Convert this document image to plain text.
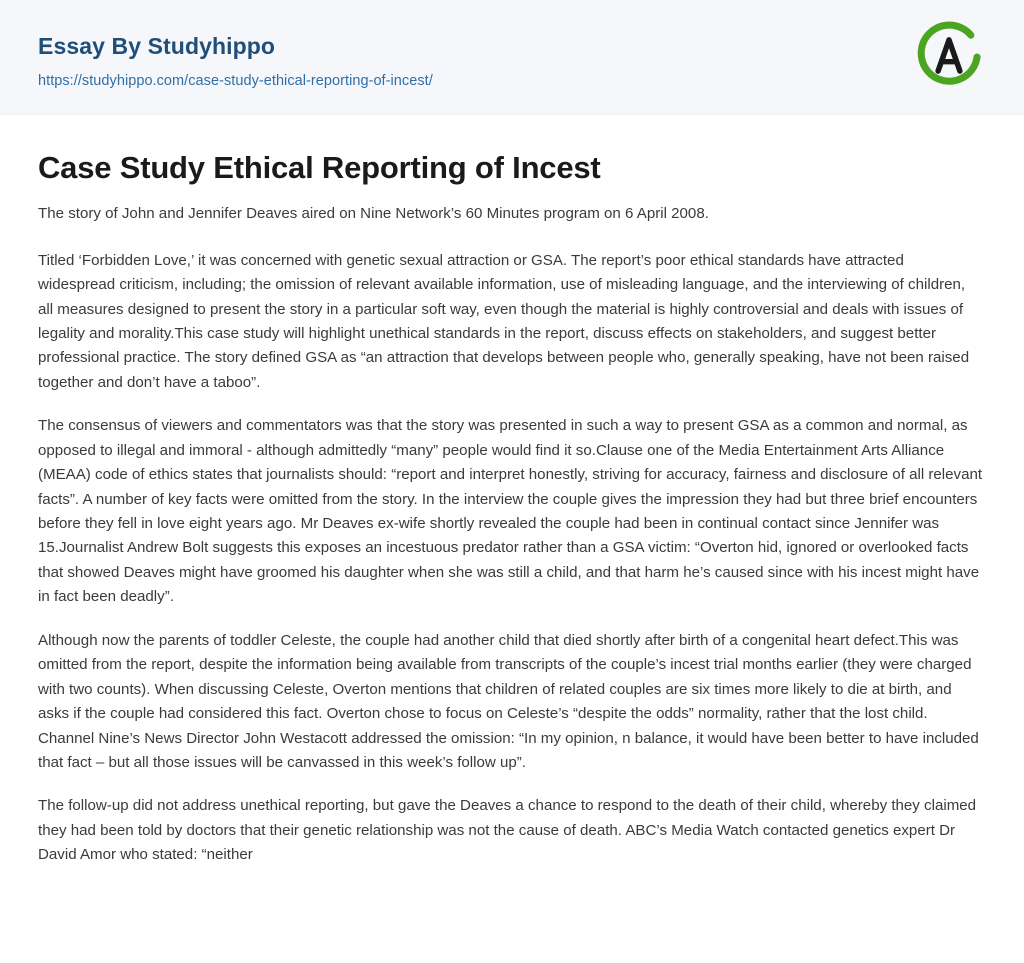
Essay By Studyhippo
https://studyhippo.com/case-study-ethical-reporting-of-incest/
Case Study Ethical Reporting of Incest

The story of John and Jennifer Deaves aired on Nine Network’s 60 Minutes program on 6 April 2008.

Titled ‘Forbidden Love,’ it was concerned with genetic sexual attraction or GSA. The report’s poor ethical standards have attracted widespread criticism, including; the omission of relevant available information, use of misleading language, and the interviewing of children, all measures designed to present the story in a particular soft way, even though the material is highly controversial and deals with issues of legality and morality.This case study will highlight unethical standards in the report, discuss effects on stakeholders, and suggest better professional practice. The story defined GSA as “an attraction that develops between people who, generally speaking, have not been raised together and don’t have a taboo”.

The consensus of viewers and commentators was that the story was presented in such a way to present GSA as a common and normal, as opposed to illegal and immoral - although admittedly “many” people would find it so.Clause one of the Media Entertainment Arts Alliance (MEAA) code of ethics states that journalists should: “report and interpret honestly, striving for accuracy, fairness and disclosure of all relevant facts”. A number of key facts were omitted from the story. In the interview the couple gives the impression they had but three brief encounters before they fell in love eight years ago. Mr Deaves ex-wife shortly revealed the couple had been in continual contact since Jennifer was 15.Journalist Andrew Bolt suggests this exposes an incestuous predator rather than a GSA victim: “Overton hid, ignored or overlooked facts that showed Deaves might have groomed his daughter when she was still a child, and that harm he’s caused since with his incest might have in fact been deadly”.

Although now the parents of toddler Celeste, the couple had another child that died shortly after birth of a congenital heart defect.This was omitted from the report, despite the information being available from transcripts of the couple’s incest trial months earlier (they were charged with two counts). When discussing Celeste, Overton mentions that children of related couples are six times more likely to die at birth, and asks if the couple had considered this fact. Overton chose to focus on Celeste’s “despite the odds” normality, rather that the lost child. Channel Nine’s News Director John Westacott addressed the omission: “In my opinion, n balance, it would have been better to have included that fact – but all those issues will be canvassed in this week’s follow up”.

The follow-up did not address unethical reporting, but gave the Deaves a chance to respond to the death of their child, whereby they claimed they had been told by doctors that their genetic relationship was not the cause of death. ABC’s Media Watch contacted genetics expert Dr David Amor who stated: “neither
